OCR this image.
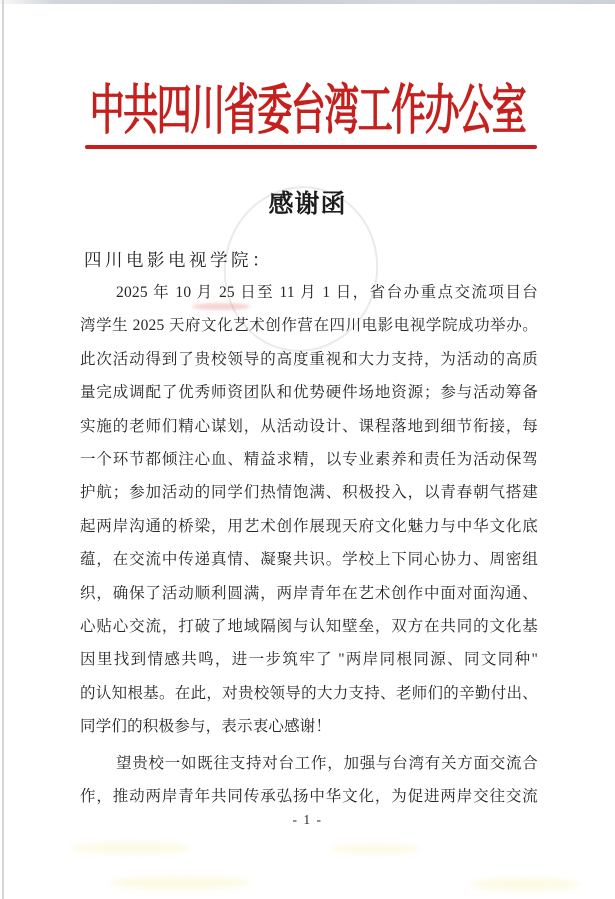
中共四川省委台湾工作办公室
感谢函
四川电影电视学院：
2025 年 10 月 25 日至 11 月 1 日，省台办重点交流项目台
湾学生 2025 天府文化艺术创作营在四川电影电视学院成功举办。
此次活动得到了贵校领导的高度重视和大力支持，为活动的高质
量完成调配了优秀师资团队和优势硬件场地资源；参与活动筹备
实施的老师们精心谋划，从活动设计、课程落地到细节衔接，每
一个环节都倾注心血、精益求精，以专业素养和责任为活动保驾
护航；参加活动的同学们热情饱满、积极投入，以青春朝气搭建
起两岸沟通的桥梁，用艺术创作展现天府文化魅力与中华文化底
蕴，在交流中传递真情、凝聚共识。学校上下同心协力、周密组
织，确保了活动顺利圆满，两岸青年在艺术创作中面对面沟通、
心贴心交流，打破了地域隔阂与认知壁垒，双方在共同的文化基
因里找到情感共鸣，进一步筑牢了 "两岸同根同源、同文同种"
的认知根基。在此，对贵校领导的大力支持、老师们的辛勤付出、
同学们的积极参与，表示衷心感谢！
望贵校一如既往支持对台工作，加强与台湾有关方面交流合
作，推动两岸青年共同传承弘扬中华文化，为促进两岸交往交流
- 1 -
